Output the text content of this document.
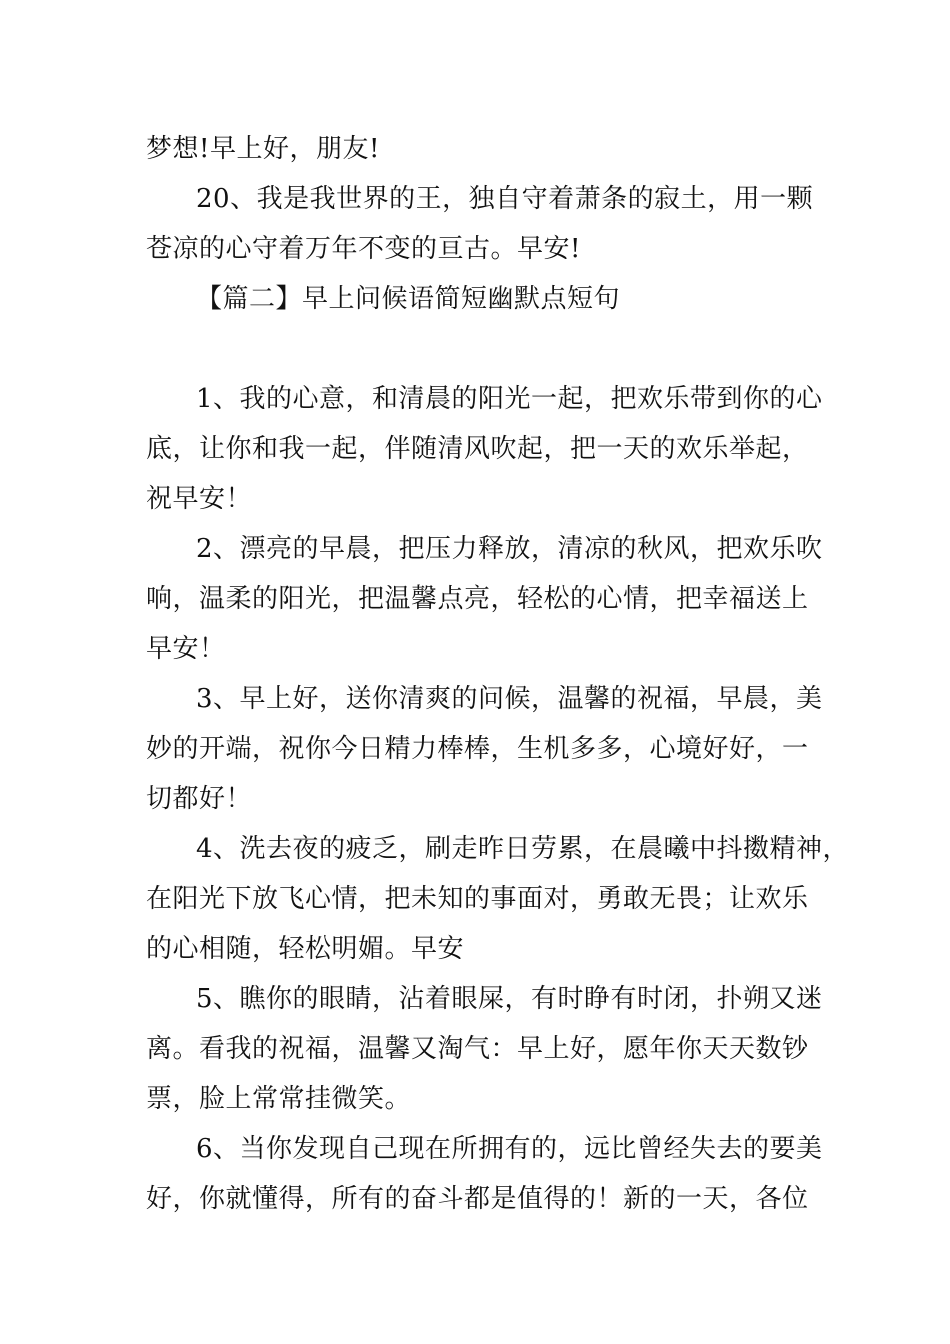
梦想!早上好，朋友!
20、我是我世界的王，独自守着萧条的寂土，用一颗
苍凉的心守着万年不变的亘古。早安!
【篇二】早上问候语简短幽默点短句
1、我的心意，和清晨的阳光一起，把欢乐带到你的心
底，让你和我一起，伴随清风吹起，把一天的欢乐举起，
祝早安！
2、漂亮的早晨，把压力释放，清凉的秋风，把欢乐吹
响，温柔的阳光，把温馨点亮，轻松的心情，把幸福送上
早安！
3、早上好，送你清爽的问候，温馨的祝福，早晨，美
妙的开端，祝你今日精力棒棒，生机多多，心境好好，一
切都好！
4、洗去夜的疲乏，刷走昨日劳累，在晨曦中抖擞精神，
在阳光下放飞心情，把未知的事面对，勇敢无畏；让欢乐
的心相随，轻松明媚。早安
5、瞧你的眼睛，沾着眼屎，有时睁有时闭，扑朔又迷
离。看我的祝福，温馨又淘气：早上好，愿年你天天数钞
票，脸上常常挂微笑。
6、当你发现自己现在所拥有的，远比曾经失去的要美
好，你就懂得，所有的奋斗都是值得的！新的一天，各位
